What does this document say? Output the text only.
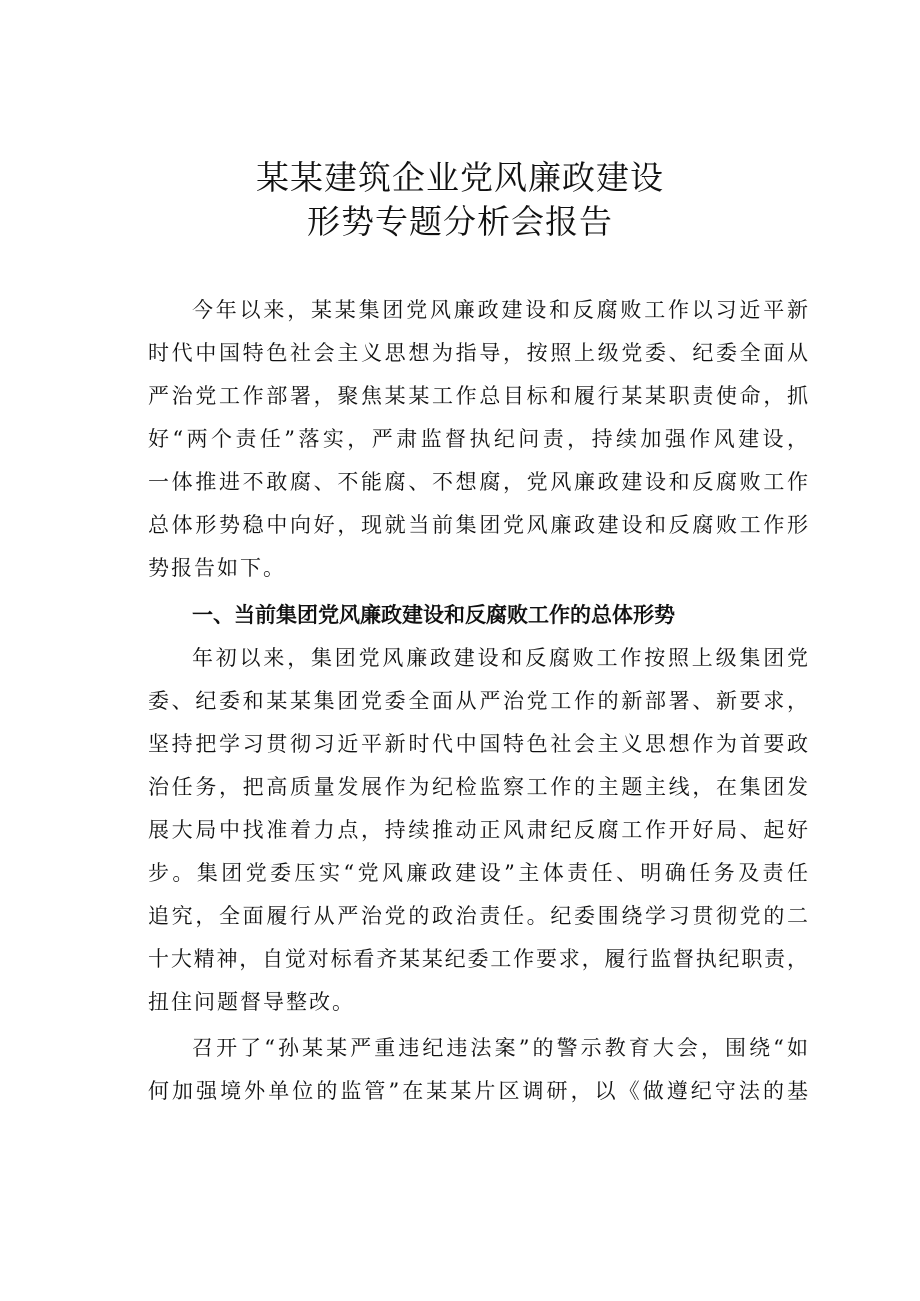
某某建筑企业党风廉政建设
形势专题分析会报告
今年以来，某某集团党风廉政建设和反腐败工作以习近平新
时代中国特色社会主义思想为指导，按照上级党委、纪委全面从
严治党工作部署，聚焦某某工作总目标和履行某某职责使命，抓
好“两个责任”落实，严肃监督执纪问责，持续加强作风建设，
一体推进不敢腐、不能腐、不想腐，党风廉政建设和反腐败工作
总体形势稳中向好，现就当前集团党风廉政建设和反腐败工作形
势报告如下。
一、当前集团党风廉政建设和反腐败工作的总体形势
年初以来，集团党风廉政建设和反腐败工作按照上级集团党
委、纪委和某某集团党委全面从严治党工作的新部署、新要求，
坚持把学习贯彻习近平新时代中国特色社会主义思想作为首要政
治任务，把高质量发展作为纪检监察工作的主题主线，在集团发
展大局中找准着力点，持续推动正风肃纪反腐工作开好局、起好
步。集团党委压实“党风廉政建设”主体责任、明确任务及责任
追究，全面履行从严治党的政治责任。纪委围绕学习贯彻党的二
十大精神，自觉对标看齐某某纪委工作要求，履行监督执纪职责，
扭住问题督导整改。
召开了“孙某某严重违纪违法案”的警示教育大会，围绕“如
何加强境外单位的监管”在某某片区调研，以《做遵纪守法的基
